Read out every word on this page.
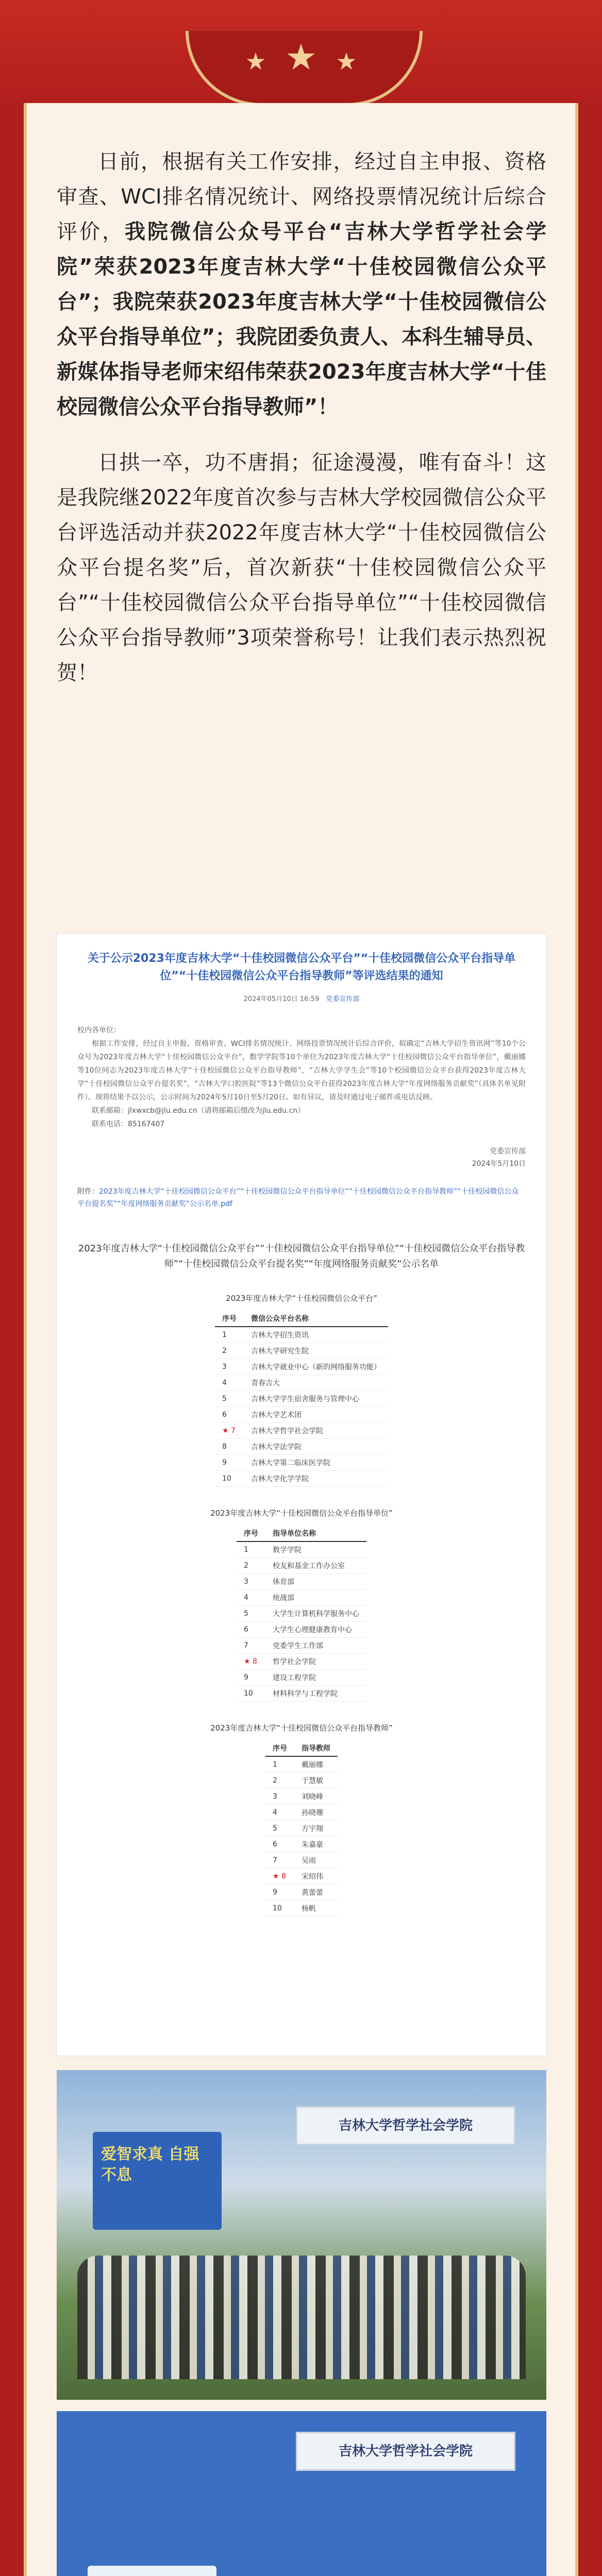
★ ★ ★

日前，根据有关工作安排，经过自主申报、资格审查、WCI排名情况统计、网络投票情况统计后综合评价，我院微信公众号平台“吉林大学哲学社会学院”荣获2023年度吉林大学“十佳校园微信公众平台”；我院荣获2023年度吉林大学“十佳校园微信公众平台指导单位”；我院团委负责人、本科生辅导员、新媒体指导老师宋绍伟荣获2023年度吉林大学“十佳校园微信公众平台指导教师”！

日拱一卒，功不唐捐；征途漫漫，唯有奋斗！这是我院继2022年度首次参与吉林大学校园微信公众平台评选活动并获2022年度吉林大学“十佳校园微信公众平台提名奖”后，首次新获“十佳校园微信公众平台”“十佳校园微信公众平台指导单位”“十佳校园微信公众平台指导教师”3项荣誉称号！让我们表示热烈祝贺！

关于公示2023年度吉林大学“十佳校园微信公众平台”“十佳校园微信公众平台指导单位”“十佳校园微信公众平台指导教师”等评选结果的通知
2024年05月10日 16:59　 党委宣传部
校内各单位：
根据工作安排，经过自主申报、资格审查、WCI排名情况统计、网络投票情况统计后综合评价，拟确定“吉林大学招生资讯网”等10个公众号为2023年度吉林大学“十佳校园微信公众平台”，数学学院等10个单位为2023年度吉林大学“十佳校园微信公众平台指导单位”，戴丽娜等10位同志为2023年度吉林大学“十佳校园微信公众平台指导教师”，“吉林大学学生会”等10个校园微信公众平台获得2023年度吉林大学“十佳校园微信公众平台提名奖”，“吉林大学口腔医院”等13个微信公众平台获得2023年度吉林大学“年度网络服务贡献奖”（具体名单见附件）。现将结果予以公示，公示时间为2024年5月10日至5月20日。如有异议，请及时通过电子邮件或电话反映。
联系邮箱：jlxwxcb@jlu.edu.cn（请将邮箱后缀改为jlu.edu.cn）
联系电话：85167407
党委宣传部
2024年5月10日
附件：2023年度吉林大学“十佳校园微信公众平台”“十佳校园微信公众平台指导单位”“十佳校园微信公众平台指导教师”“十佳校园微信公众平台提名奖”“年度网络服务贡献奖”公示名单.pdf
2023年度吉林大学“十佳校园微信公众平台”“十佳校园微信公众平台指导单位”“十佳校园微信公众平台指导教师”“十佳校园微信公众平台提名奖”“年度网络服务贡献奖”公示名单
2023年度吉林大学“十佳校园微信公众平台”
序号	微信公众平台名称
1	吉林大学招生资讯
2	吉林大学研究生院
3	吉林大学就业中心（新的网络服务功能）
4	青春吉大
5	吉林大学学生宿舍服务与管理中心
6	吉林大学艺术团
★ 7	吉林大学哲学社会学院
8	吉林大学法学院
9	吉林大学第二临床医学院
10	吉林大学化学学院
2023年度吉林大学“十佳校园微信公众平台指导单位”
序号	指导单位名称
1	数学学院
2	校友和基金工作办公室
3	体育部
4	统战部
5	大学生计算机科学服务中心
6	大学生心理健康教育中心
7	党委学生工作部
★ 8	哲学社会学院
9	建设工程学院
10	材料科学与工程学院
2023年度吉林大学“十佳校园微信公众平台指导教师”
序号	指导教师
1	戴丽娜
2	于慧敏
3	刘晓峰
4	孙晓珊
5	方宇翔
6	朱嘉豪
7	吴雨
★ 8	宋绍伟
9	黄蕾蕾
10	杨帆
爱智求真 自强不息
吉林大学哲学社会学院
吉林大学哲学社会学院
